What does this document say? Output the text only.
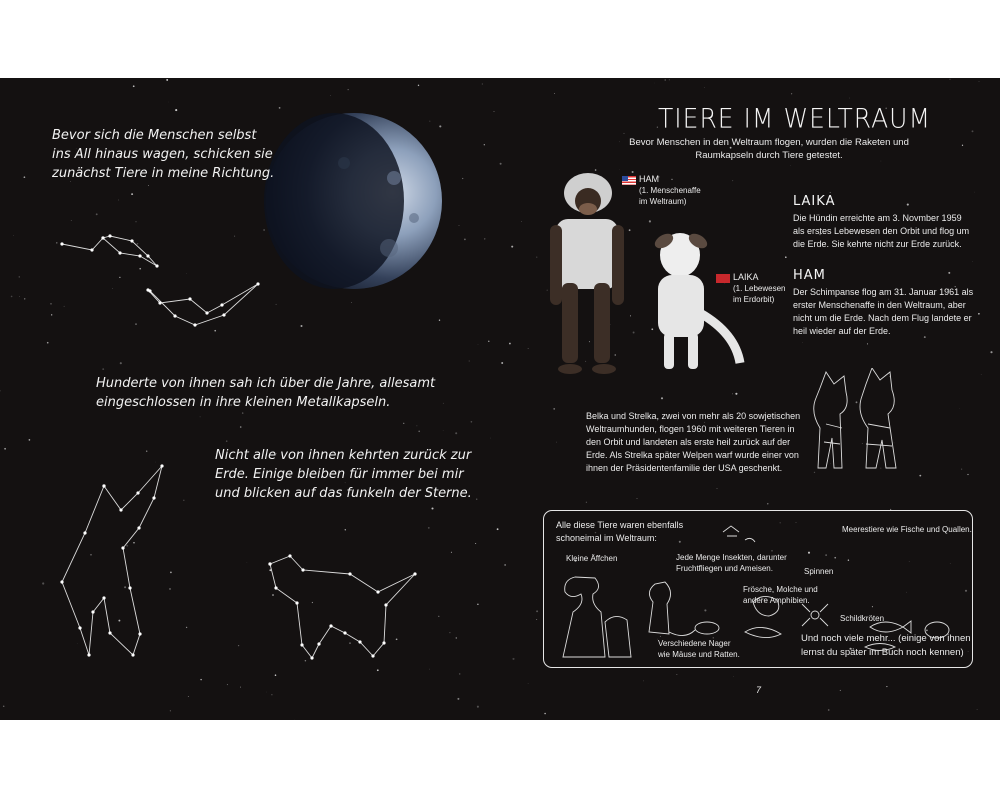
Bevor sich die Menschen selbst
ins All hinaus wagen, schicken sie
zunächst Tiere in meine Richtung.
Hunderte von ihnen sah ich über die Jahre, allesamt
eingeschlossen in ihre kleinen Metallkapseln.
Nicht alle von ihnen kehrten zurück zur
Erde. Einige bleiben für immer bei mir
und blicken auf das funkeln der Sterne.
TIERE IM WELTRAUM
Bevor Menschen in den Weltraum flogen, wurden die Raketen und
Raumkapseln durch Tiere getestet.
HAM
(1. Menschenaffe
im Weltraum)
LAIKA
(1. Lebewesen
im Erdorbit)
LAIKA
Die Hündin erreichte am 3. Novmber 1959
als erstes Lebewesen den Orbit und flog um
die Erde. Sie kehrte nicht zur Erde zurück.
HAM
Der Schimpanse flog am 31. Januar 1961 als
erster Menschenaffe in den Weltraum, aber
nicht um die Erde. Nach dem Flug landete er
heil wieder auf der Erde.
Belka und Strelka, zwei von mehr als 20 sowjetischen
Weltraumhunden, flogen 1960 mit weiteren Tieren in
den Orbit und landeten als erste heil zurück auf der
Erde. Als Strelka später Welpen warf wurde einer von
ihnen der Präsidentenfamilie der USA geschenkt.
Alle diese Tiere waren ebenfalls
schoneimal im Weltraum:
Kleine Äffchen	Jede Menge Insekten, darunter
Fruchtfliegen und Ameisen.	Spinnen
Meerestiere wie Fische und Quallen.
Frösche, Molche und
andere Amphibien.
Schildkröten
Verschiedene Nager
wie Mäuse und Ratten.
Und noch viele mehr... (einige von ihnen
lernst du später im Buch noch kennen)
7
